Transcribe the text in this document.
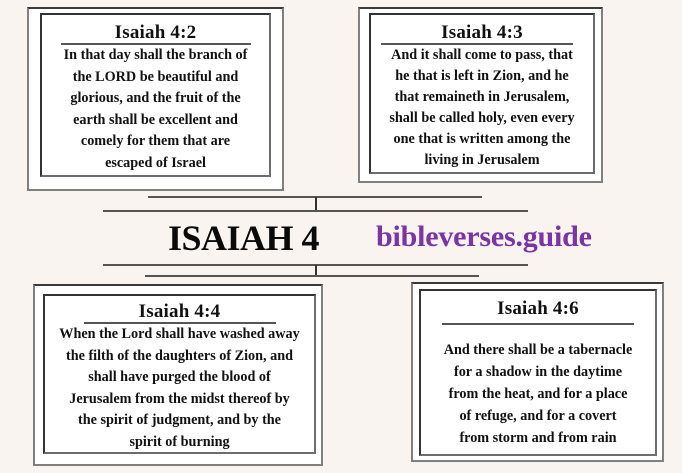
Isaiah 4:2
In that day shall the branch of
the LORD be beautiful and
glorious, and the fruit of the
earth shall be excellent and
comely for them that are
escaped of Israel
Isaiah 4:3
And it shall come to pass, that
he that is left in Zion, and he
that remaineth in Jerusalem,
shall be called holy, even every
one that is written among the
living in Jerusalem
ISAIAH 4 bibleverses.guide
Isaiah 4:4
When the Lord shall have washed away
the filth of the daughters of Zion, and
shall have purged the blood of
Jerusalem from the midst thereof by
the spirit of judgment, and by the
spirit of burning
Isaiah 4:6
And there shall be a tabernacle
for a shadow in the daytime
from the heat, and for a place
of refuge, and for a covert
from storm and from rain
